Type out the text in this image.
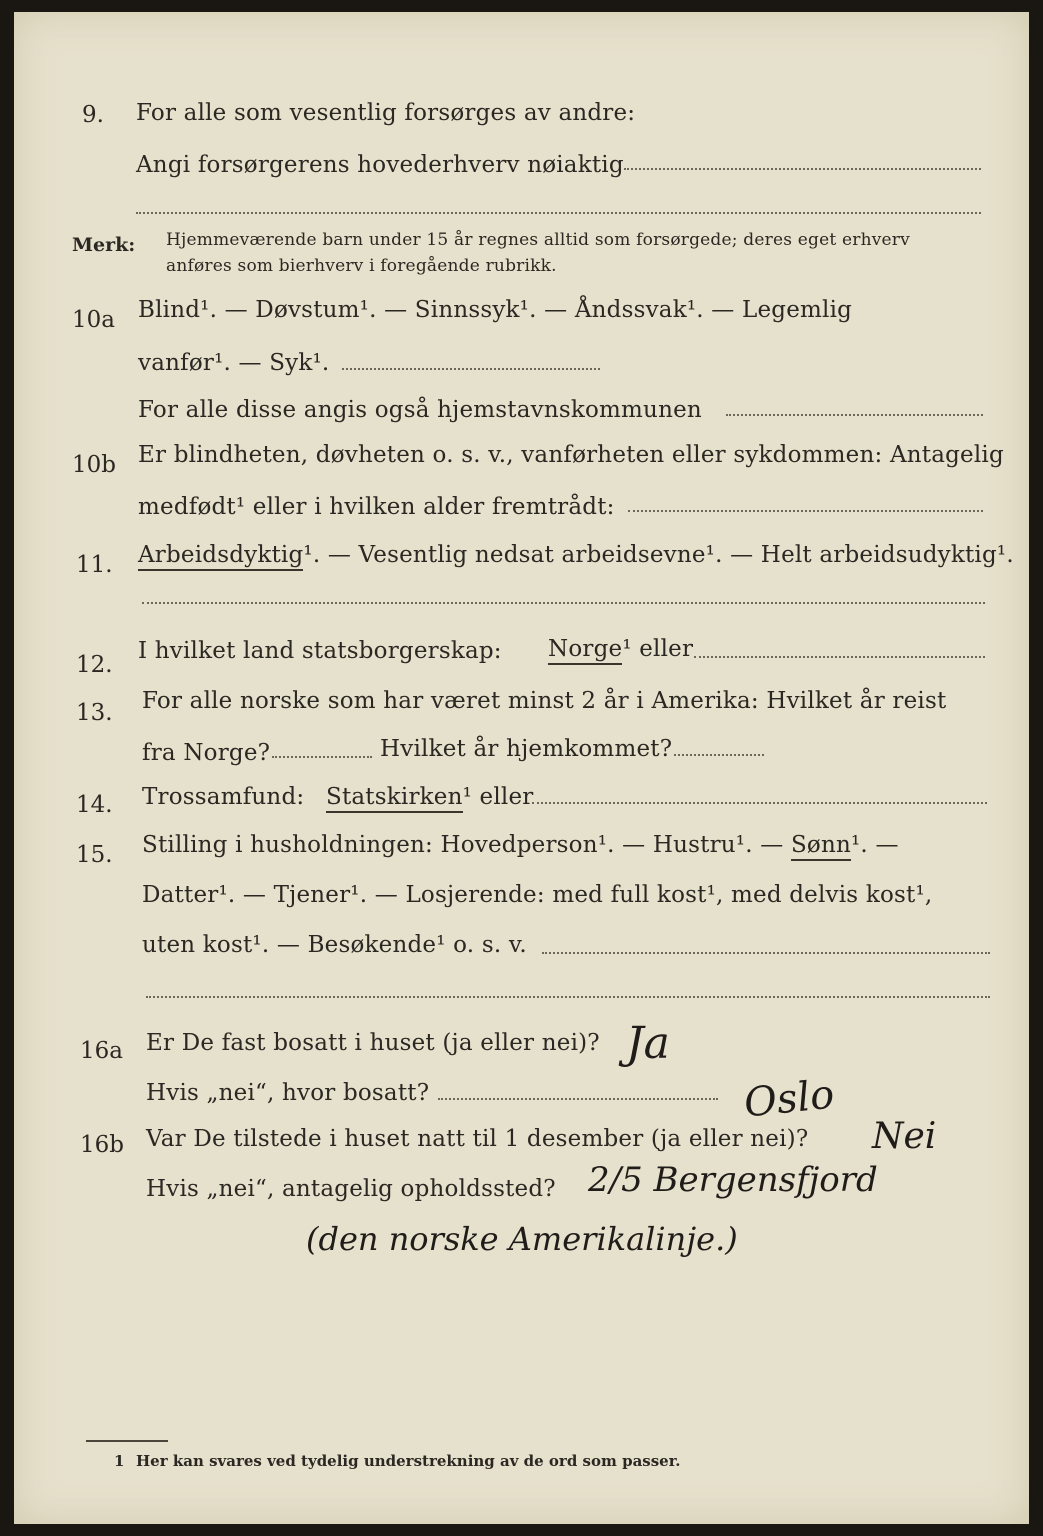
9. For alle som vesentlig forsørges av andre:
Angi forsørgerens hovederhverv nøiaktig
Merk: Hjemmeværende barn under 15 år regnes alltid som forsørgede; deres eget erhverv
anføres som bierhverv i foregående rubrikk.
10a Blind¹. — Døvstum¹. — Sinnssyk¹. — Åndssvak¹. — Legemlig
vanfør¹. — Syk¹.
For alle disse angis også hjemstavnskommunen
10b Er blindheten, døvheten o. s. v., vanførheten eller sykdommen: Antagelig
medfødt¹ eller i hvilken alder fremtrådt:
11. Arbeidsdyktig¹. — Vesentlig nedsat arbeidsevne¹. — Helt arbeidsudyktig¹.
12.
I hvilket land statsborgerskap: Norge¹ eller
13. For alle norske som har været minst 2 år i Amerika: Hvilket år reist
fra Norge?	Hvilket år hjemkommet?
14. Trossamfund: Statskirken¹ eller
15. Stilling i husholdningen: Hovedperson¹. — Hustru¹. — Sønn¹. —
Datter¹. — Tjener¹. — Losjerende: med full kost¹, med delvis kost¹,
uten kost¹. — Besøkende¹ o. s. v.
16a Er De fast bosatt i huset (ja eller nei)? Ja
Hvis „nei“, hvor bosatt?	Oslo
16b Var De tilstede i huset natt til 1 desember (ja eller nei)? Nei
Hvis „nei“, antagelig opholdssted? 2/5 Bergensfjord
(den norske Amerikalinje.)
1 Her kan svares ved tydelig understrekning av de ord som passer.
